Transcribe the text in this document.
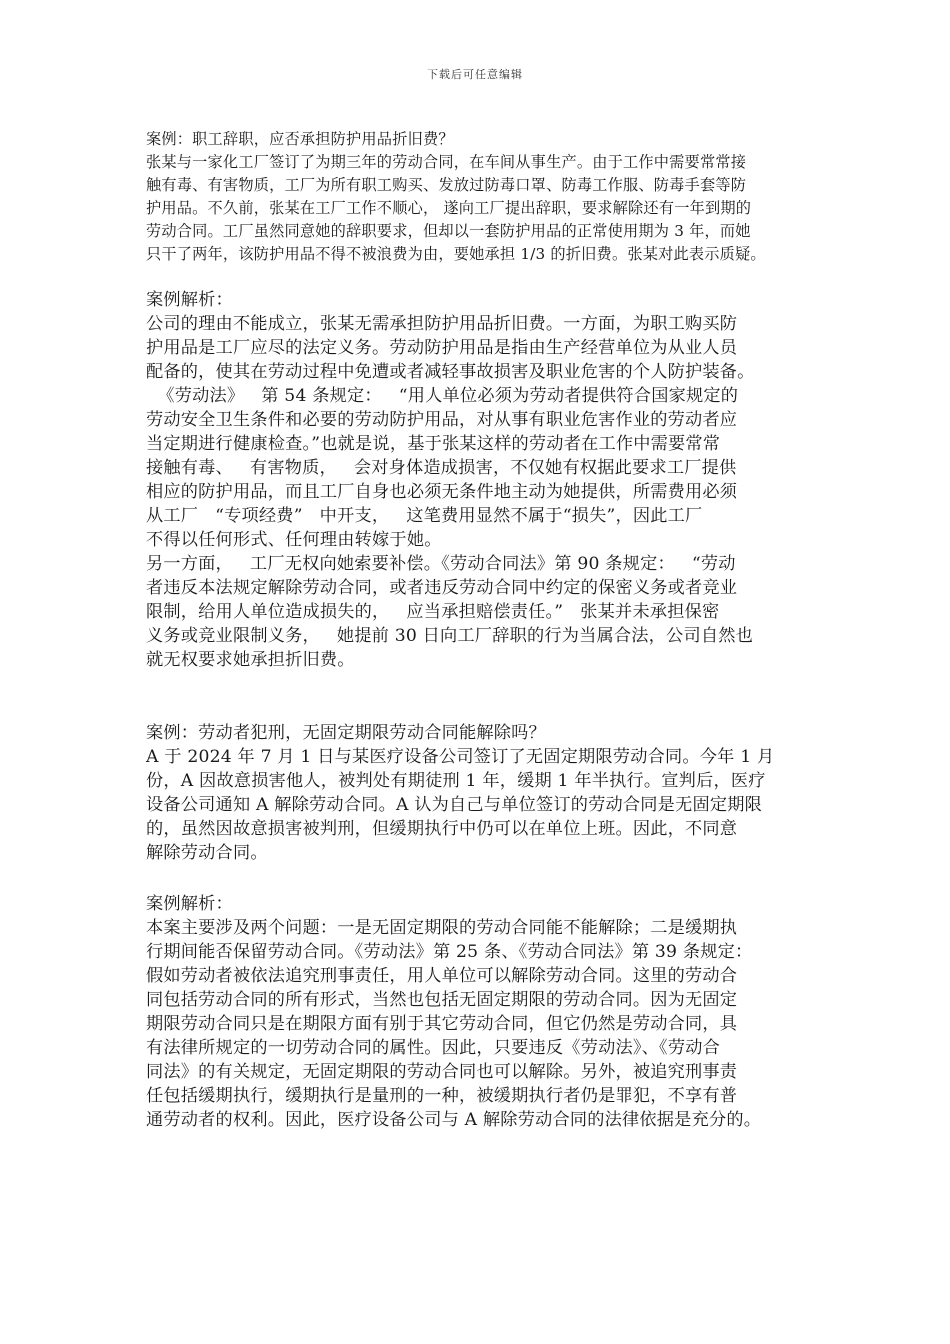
下载后可任意编辑
案例：职工辞职，应否承担防护用品折旧费？
张某与一家化工厂签订了为期三年的劳动合同，在车间从事生产。由于工作中需要常常接
触有毒、有害物质，工厂为所有职工购买、发放过防毒口罩、防毒工作服、防毒手套等防
护用品。不久前，张某在工厂工作不顺心， 遂向工厂提出辞职，要求解除还有一年到期的
劳动合同。工厂虽然同意她的辞职要求，但却以一套防护用品的正常使用期为 3 年，而她
只干了两年，该防护用品不得不被浪费为由，要她承担 1/3 的折旧费。张某对此表示质疑。
案例解析：
公司的理由不能成立，张某无需承担防护用品折旧费。一方面，为职工购买防
护用品是工厂应尽的法定义务。劳动防护用品是指由生产经营单位为从业人员
配备的，使其在劳动过程中免遭或者减轻事故损害及职业危害的个人防护装备。
《劳动法》   第 54 条规定：   “用人单位必须为劳动者提供符合国家规定的
劳动安全卫生条件和必要的劳动防护用品，对从事有职业危害作业的劳动者应
当定期进行健康检查。”也就是说，基于张某这样的劳动者在工作中需要常常
接触有毒、   有害物质，   会对身体造成损害，不仅她有权据此要求工厂提供
相应的防护用品，而且工厂自身也必须无条件地主动为她提供，所需费用必须
从工厂   “专项经费”   中开支，   这笔费用显然不属于“损失”，因此工厂
不得以任何形式、任何理由转嫁于她。
另一方面，   工厂无权向她索要补偿。《劳动合同法》第 90 条规定：   “劳动
者违反本法规定解除劳动合同，或者违反劳动合同中约定的保密义务或者竞业
限制，给用人单位造成损失的，   应当承担赔偿责任。”   张某并未承担保密
义务或竞业限制义务，   她提前 30 日向工厂辞职的行为当属合法，公司自然也
就无权要求她承担折旧费。
案例：劳动者犯刑，无固定期限劳动合同能解除吗？
A 于 2024 年 7 月 1 日与某医疗设备公司签订了无固定期限劳动合同。今年 1 月
份，A 因故意损害他人，被判处有期徒刑 1 年，缓期 1 年半执行。宣判后，医疗
设备公司通知 A 解除劳动合同。A 认为自己与单位签订的劳动合同是无固定期限
的，虽然因故意损害被判刑，但缓期执行中仍可以在单位上班。因此，不同意
解除劳动合同。
案例解析：
本案主要涉及两个问题：一是无固定期限的劳动合同能不能解除；二是缓期执
行期间能否保留劳动合同。《劳动法》第 25 条、《劳动合同法》第 39 条规定：
假如劳动者被依法追究刑事责任，用人单位可以解除劳动合同。这里的劳动合
同包括劳动合同的所有形式，当然也包括无固定期限的劳动合同。因为无固定
期限劳动合同只是在期限方面有别于其它劳动合同，但它仍然是劳动合同，具
有法律所规定的一切劳动合同的属性。因此，只要违反《劳动法》、《劳动合
同法》的有关规定，无固定期限的劳动合同也可以解除。另外，被追究刑事责
任包括缓期执行，缓期执行是量刑的一种，被缓期执行者仍是罪犯，不享有普
通劳动者的权利。因此，医疗设备公司与 A 解除劳动合同的法律依据是充分的。
